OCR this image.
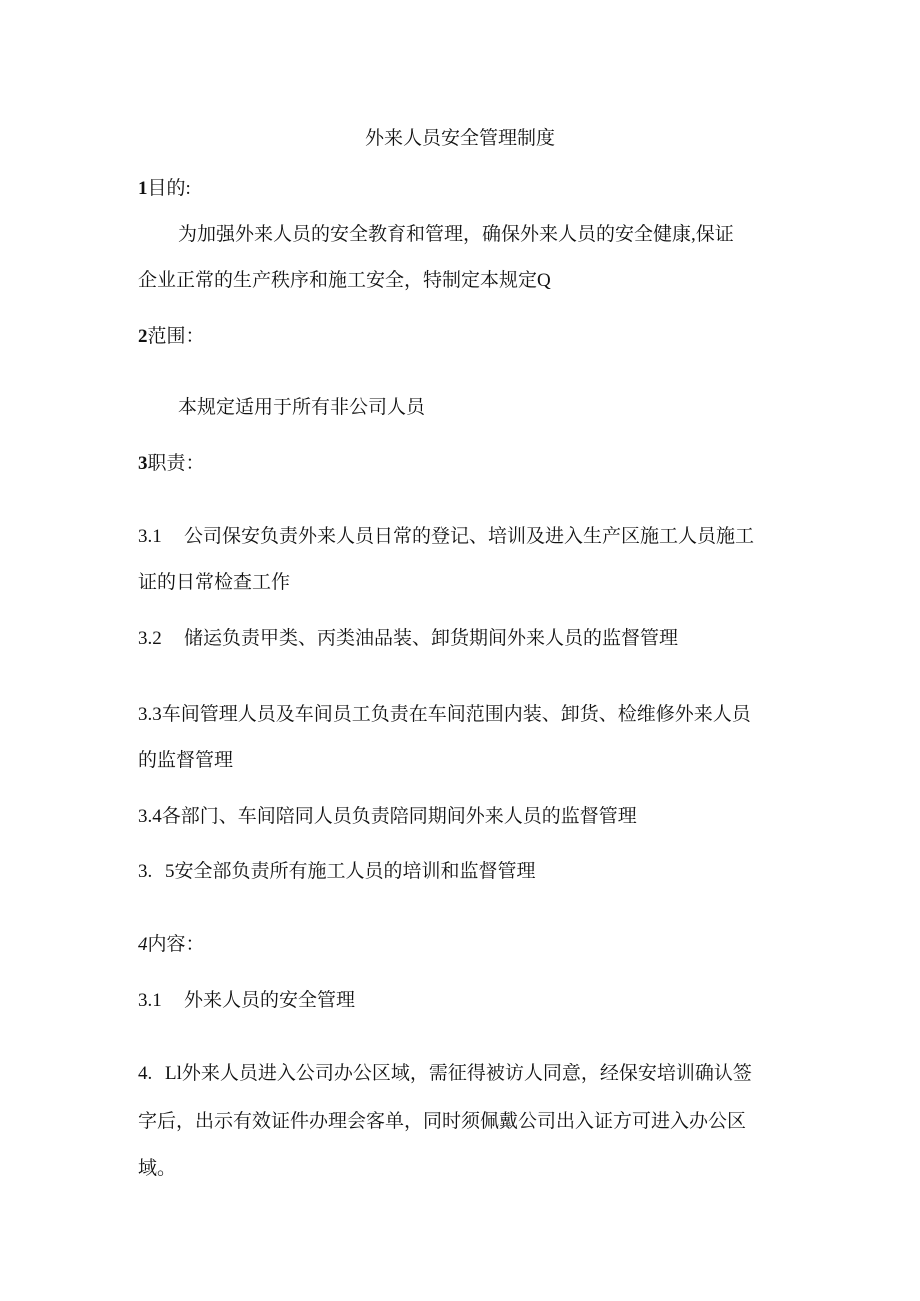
外来人员安全管理制度
1目的:
为加强外来人员的安全教育和管理，确保外来人员的安全健康,保证
企业正常的生产秩序和施工安全，特制定本规定Q
2范围：
本规定适用于所有非公司人员
3职责：
3.1 公司保安负责外来人员日常的登记、培训及进入生产区施工人员施工
证的日常检查工作
3.2 储运负责甲类、丙类油品装、卸货期间外来人员的监督管理
3.3车间管理人员及车间员工负责在车间范围内装、卸货、检维修外来人员
的监督管理
3.4各部门、车间陪同人员负责陪同期间外来人员的监督管理
3. 5安全部负责所有施工人员的培训和监督管理
4内容：
3.1 外来人员的安全管理
4. Ll外来人员进入公司办公区域，需征得被访人同意，经保安培训确认签
字后，出示有效证件办理会客单，同时须佩戴公司出入证方可进入办公区
域。
